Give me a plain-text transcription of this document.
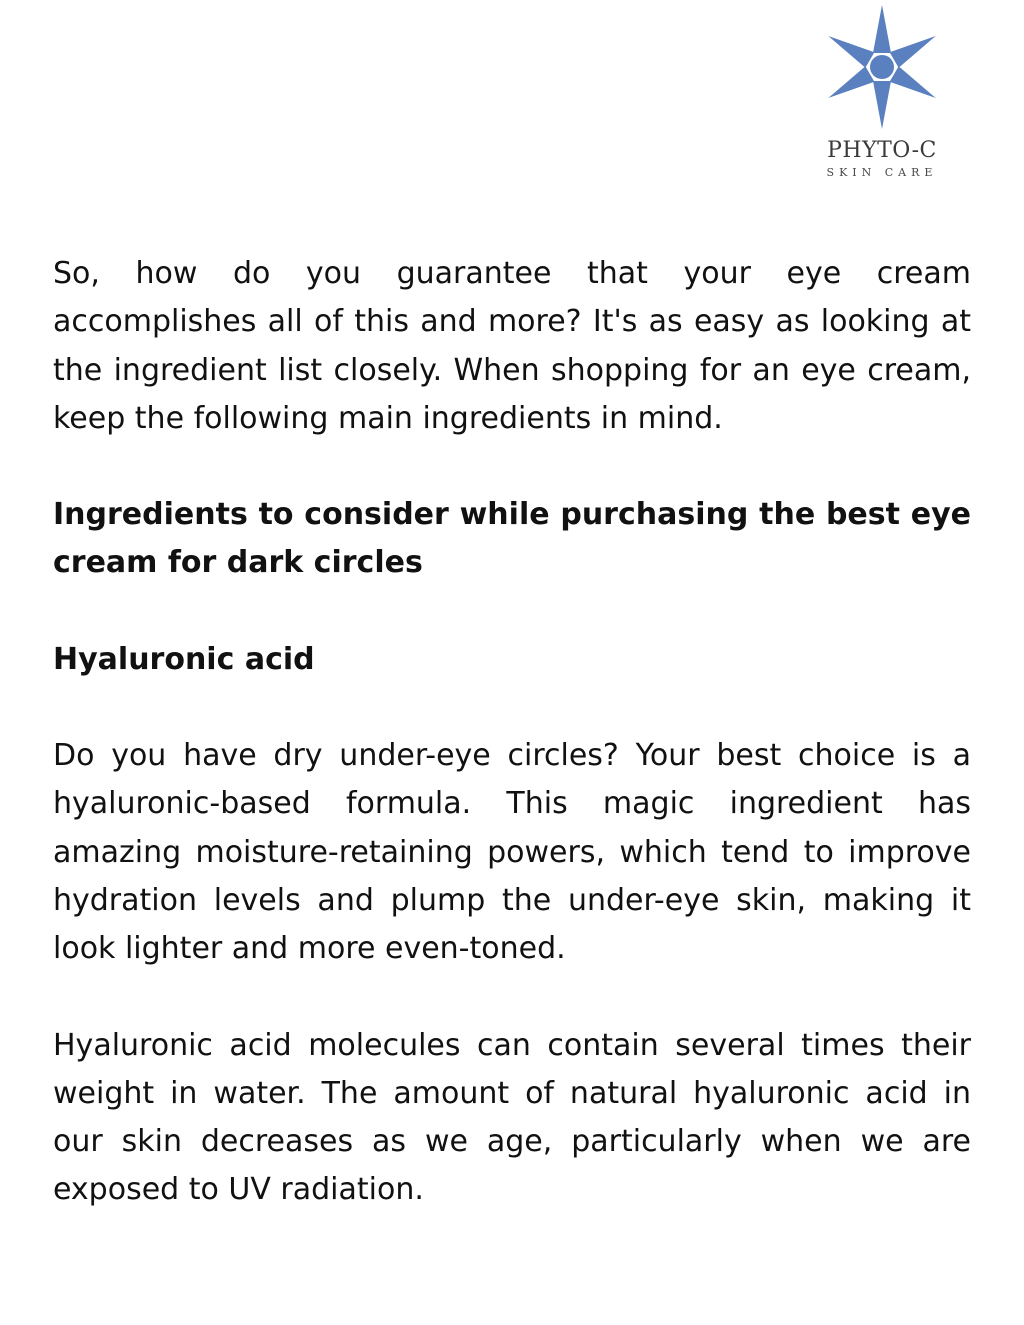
PHYTO-C
SKIN CARE

So, how do you guarantee that your eye cream accomplishes all of this and more? It's as easy as looking at the ingredient list closely. When shopping for an eye cream, keep the following main ingredients in mind.

Ingredients to consider while purchasing the best eye cream for dark circles

Hyaluronic acid

Do you have dry under-eye circles? Your best choice is a hyaluronic-based formula. This magic ingredient has amazing moisture-retaining powers, which tend to improve hydration levels and plump the under-eye skin, making it look lighter and more even-toned.

Hyaluronic acid molecules can contain several times their weight in water. The amount of natural hyaluronic acid in our skin decreases as we age, particularly when we are exposed to UV radiation.
